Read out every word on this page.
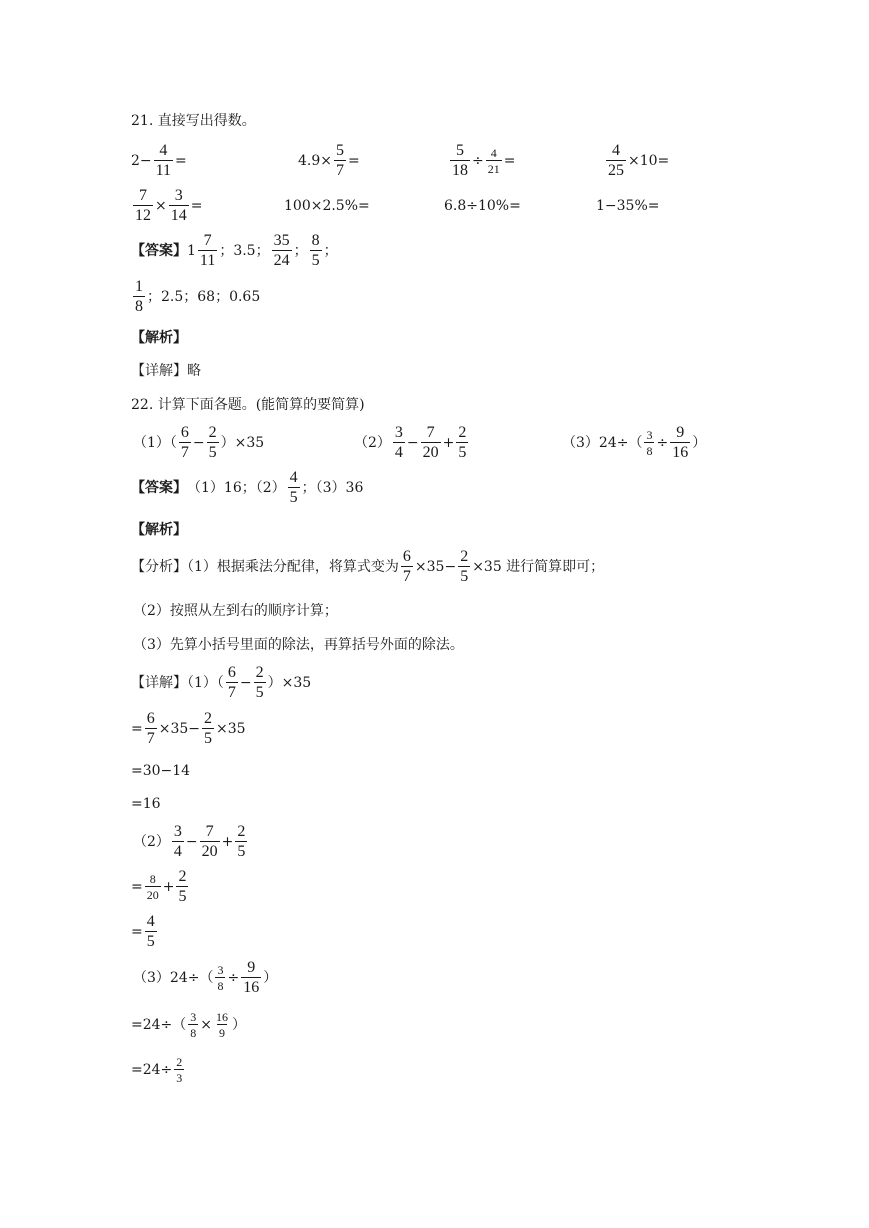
21. 直接写出得数。
$2- \frac{4}{11}$ =	$4.9\times \frac{5}{7}$ =	$\frac{5}{18} \div \frac{4}{21}$ =	$\frac{4}{25} \times 10=$
$\frac{7}{12} \times \frac{3}{14}$ =	100×2.5%=	6.8÷10%=	1−35%=
【答案】 $1 \frac{7}{11}$ ；3.5； $\frac{35}{24}$ ； $\frac{8}{5}$ ；
$\frac{1}{8}$ ；2.5；68；0.65
【解析】
【详解】略
22. 计算下面各题。(能简算的要简算)
$(1)( \frac{6}{7} - \frac{2}{5} )\times 35$	$(2) \frac{3}{4} - \frac{7}{20} + \frac{2}{5}$	$(3)24\div( \frac{3}{8} \div \frac{9}{16}$ ）
【答案】 （1）16；$(2) \frac{4}{5}$ ；（3）36
【解析】
【分析】（1）根据乘法分配律，将算式变为 $\frac{6}{7} \times 35- \frac{2}{5} \times 35$ 进行简算即可；
（2）按照从左到右的顺序计算；
（3）先算小括号里面的除法，再算括号外面的除法。
【详解】$(1)( \frac{6}{7} - \frac{2}{5} )\times 35$
= $\frac{6}{7} \times 35- \frac{2}{5} \times 35$
=30−14
=16
$(2) \frac{3}{4} - \frac{7}{20} + \frac{2}{5}$
= $\frac{8}{20} + \frac{2}{5}$
= $\frac{4}{5}$
$(3)24\div( \frac{3}{8} \div \frac{9}{16}$ ）
$=24\div( \frac{3}{8} \times \frac{16}{9}$ ）
$=24\div \frac{2}{3}$
